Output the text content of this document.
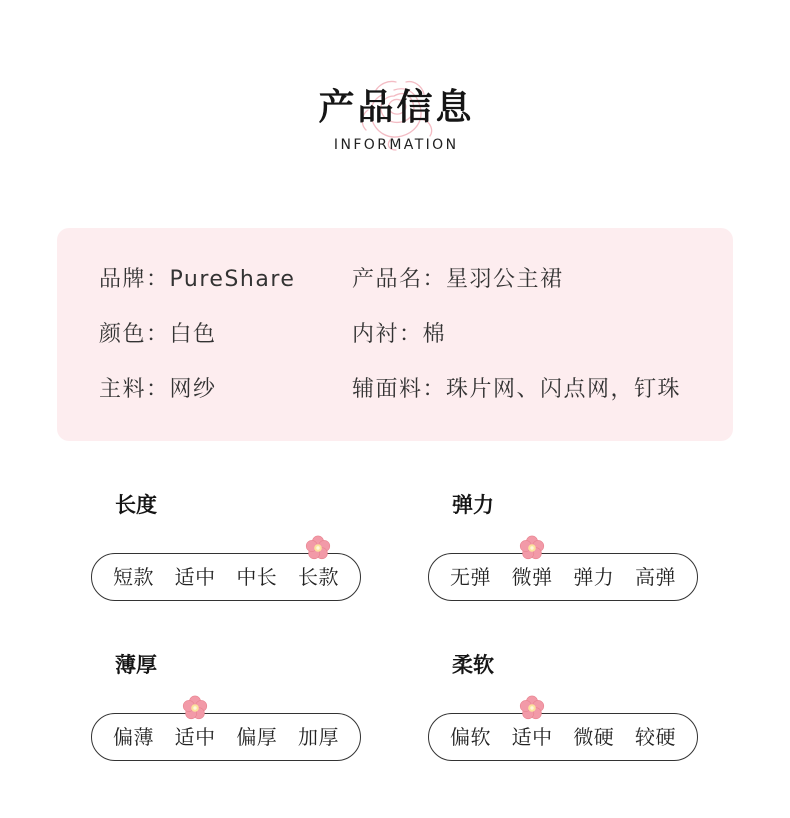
产品信息
INFORMATION
品牌：PureShare	产品名：星羽公主裙
颜色：白色	内衬：棉
主料：网纱	辅面料：珠片网、闪点网，钉珠
长度
短款 适中 中长 长款
弹力
无弹 微弹 弹力 高弹
薄厚
偏薄 适中 偏厚 加厚
柔软
偏软 适中 微硬 较硬
